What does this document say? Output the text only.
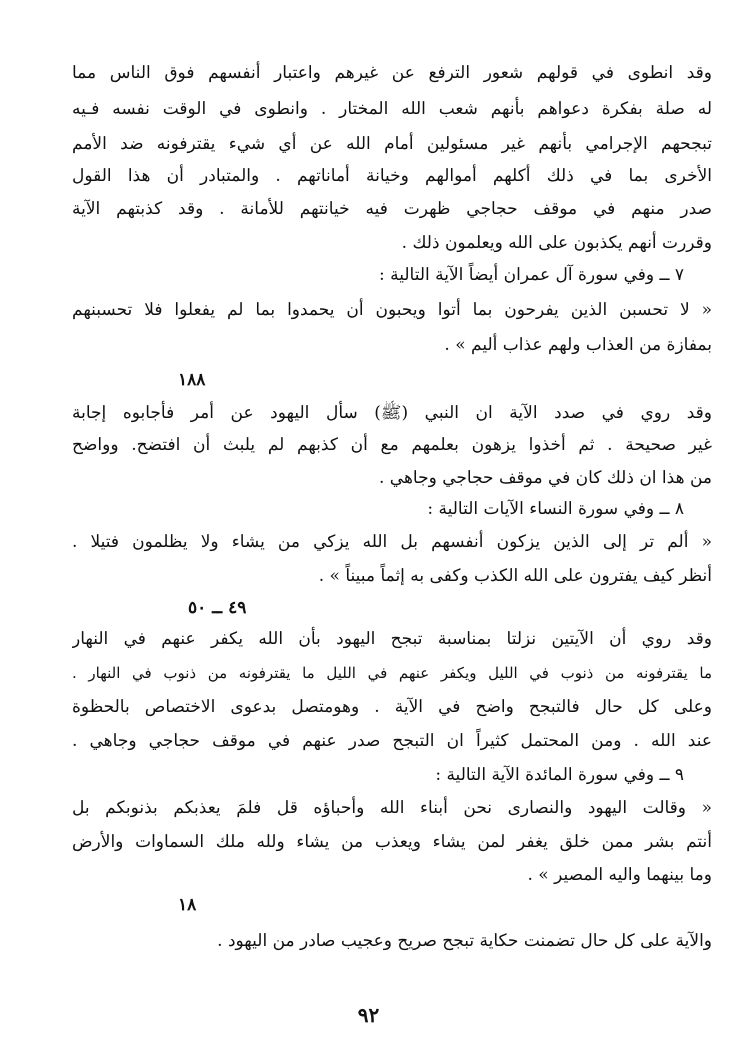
وقد انطوى في قولهم شعور الترفع عن غيرهم واعتبار أنفسهم فوق الناس مما
له صلة بفكرة دعواهم بأنهم شعب الله المختار . وانطوى في الوقت نفسه فـيه
تبجحهم الإجرامي بأنهم غير مسئولين أمام الله عن أي شيء يقترفونه ضد الأمم
الأخرى بما في ذلك أكلهم أموالهم وخيانة أماناتهم . والمتبادر أن هذا القول
صدر منهم في موقف حجاجي ظهرت فيه خيانتهم للأمانة . وقد كذبتهم الآية
وقررت أنهم يكذبون على الله ويعلمون ذلك .
٧ ــ وفي سورة آل عمران أيضاً الآية التالية :
« لا تحسبن الذين يفرحون بما أتوا ويحبون أن يحمدوا بما لم يفعلوا فلا تحسبنهم
بمفازة من العذاب ولهم عذاب أليم » .
١٨٨
وقد روي في صدد الآية ان النبي (ﷺ) سأل اليهود عن أمر فأجابوه إجابة
غير صحيحة . ثم أخذوا يزهون بعلمهم مع أن كذبهم لم يلبث أن افتضح. وواضح
من هذا ان ذلك كان في موقف حجاجي وجاهي .
٨ ــ وفي سورة النساء الآيات التالية :
« ألم تر إلى الذين يزكون أنفسهم بل الله يزكي من يشاء ولا يظلمون فتيلا .
أنظر كيف يفترون على الله الكذب وكفى به إثماً مبيناً » .
٤٩ ــ ٥٠
وقد روي أن الآيتين نزلتا بمناسبة تبجح اليهود بأن الله يكفر عنهم في النهار
ما يقترفونه من ذنوب في الليل ويكفر عنهم في الليل ما يقترفونه من ذنوب في النهار .
وعلى كل حال فالتبجح واضح في الآية . وهومتصل بدعوى الاختصاص بالحظوة
عند الله . ومن المحتمل كثيراً ان التبجح صدر عنهم في موقف حجاجي وجاهي .
٩ ــ وفي سورة المائدة الآية التالية :
« وقالت اليهود والنصارى نحن أبناء الله وأحباؤه قل فلمَ يعذبكم بذنوبكم بل
أنتم بشر ممن خلق يغفر لمن يشاء ويعذب من يشاء ولله ملك السماوات والأرض
وما بينهما واليه المصير » .
١٨
والآية على كل حال تضمنت حكاية تبجح صريح وعجيب صادر من اليهود .
٩٢
